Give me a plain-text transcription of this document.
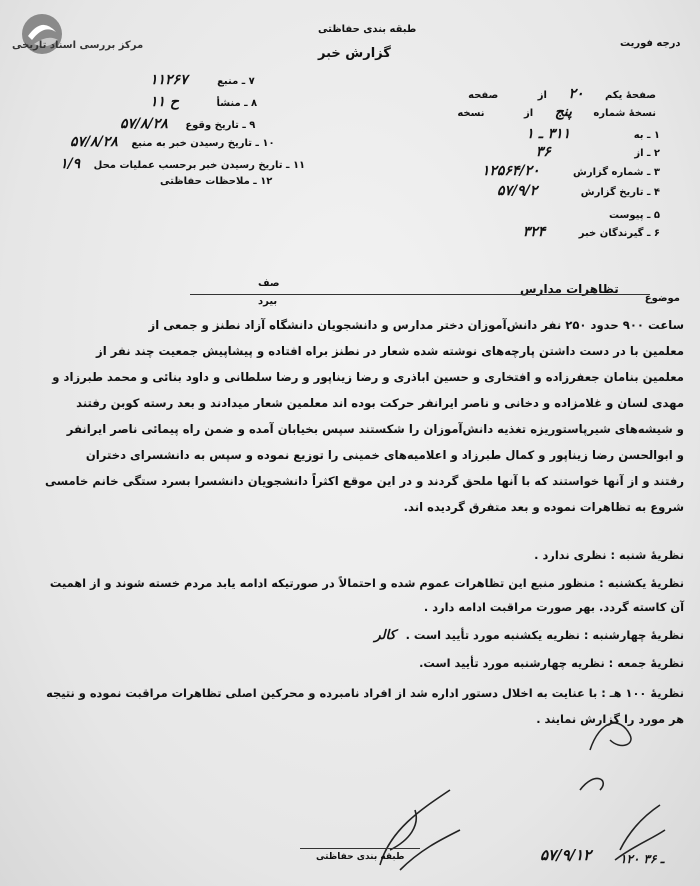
مرکز بررسی اسناد تاریخی
طبقه بندی حفاظتی
گزارش خبر
درجه فوریت
صفحهٔ یکم ۲۰ از صفحه
نسخهٔ شماره پنج از نسخه
۱ ـ به ۳۱۱ ـ ۱
۲ ـ از ۳۶
۳ ـ شماره گزارش ۱۲۵۶۴/۲۰
۴ ـ تاریخ گزارش ۵۷/۹/۲
۵ ـ پیوست
۶ ـ گیرندگان خبر ۳۲۴
۷ ـ منبع ۱۱۲۶۷
۸ ـ منشأ ح ۱۱
۹ ـ تاریخ وقوع ۵۷/۸/۲۸
۱۰ ـ تاریخ رسیدن خبر به منبع ۵۷/۸/۲۸
۱۱ ـ تاریخ رسیدن خبر برحسب عملیات محل ۱/۹
۱۲ ـ ملاحظات حفاظتی
موضوع
تظاهرات مدارس
صف
بیرد
ساعت ۹۰۰ حدود ۲۵۰ نفر دانش‌آموزان دختر مدارس و دانشجویان دانشگاه آزاد نطنز و جمعی از
معلمین با در دست داشتن پارچه‌های نوشته شده شعار در نطنز براه افتاده و پیشاپیش جمعیت چند نفر از
معلمین بنامان جعفرزاده و افتخاری و حسین اباذری و رضا زیناپور و رضا سلطانی و داود بنائی و محمد طبرزاد و
مهدی لسان و غلامزاده و دخانی و ناصر ایرانفر حرکت بوده اند معلمین شعار میدادند و بعد رسته کوبن رفتند
و شیشه‌های شیرپاستوریزه تغذیه دانش‌آموزان را شکستند سپس بخیابان آمده و ضمن راه پیمائی ناصر ایرانفر
و ابوالحسن رضا زیناپور و کمال طبرزاد و اعلامیه‌های خمینی را توزیع نموده و سپس به دانشسرای دختران
رفتند و از آنها خواستند که با آنها ملحق گردند و در این موقع اکثراً دانشجویان دانشسرا بسرد ستگی خانم خامسی
شروع به تظاهرات نموده و بعد متفرق گردیده اند.
نظریهٔ شنبه : نظری ندارد .
نظریهٔ یکشنبه : منظور منبع این تظاهرات عموم شده و احتمالاً در صورتیکه ادامه یابد مردم خسته شوند و از اهمیت
آن کاسته گردد. بهر صورت مراقبت ادامه دارد .
نظریهٔ چهارشنبه : نظریه یکشنبه مورد تأیید است . کالر
نظریهٔ جمعه : نظریه چهارشنبه مورد تأیید است.
نظریهٔ ۱۰۰ هـ : با عنایت به اخلال دستور اداره شد از افراد نامبرده و محرکین اصلی تظاهرات مراقبت نموده و نتیجه
هر مورد را گزارش نمایند .
طبقه بندی حفاظتی	۵۷/۹/۱۲ ۱۲۰ ـ ۳۶
